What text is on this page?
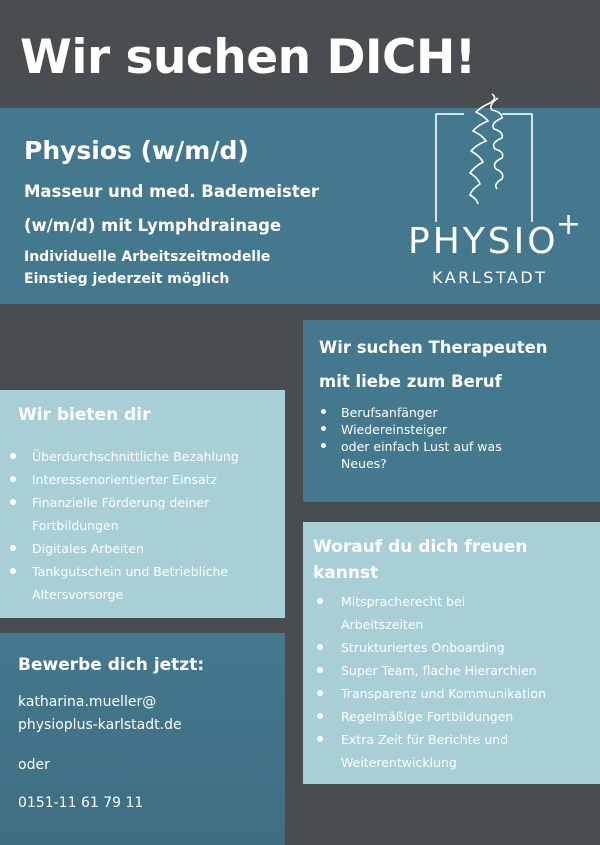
Wir suchen DICH!
Physios (w/m/d)
Masseur und med. Bademeister
(w/m/d) mit Lymphdrainage
Individuelle Arbeitszeitmodelle
Einstieg jederzeit möglich
PHYSIO
+
KARLSTADT
Wir suchen Therapeuten
mit liebe zum Beruf
Berufsanfänger
Wiedereinsteiger
oder einfach Lust auf was
Neues?
Wir bieten dir
Überdurchschnittliche Bezahlung
Interessenorientierter Einsatz
Finanzielle Förderung deiner
Fortbildungen
Digitales Arbeiten
Tankgutschein und Betriebliche
Altersvorsorge
Worauf du dich freuen kannst
Mitspracherecht bei
Arbeitszeiten
Strukturiertes Onboarding
Super Team, flache Hierarchien
Transparenz und Kommunikation
Regelmäßige Fortbildungen
Extra Zeit für Berichte und
Weiterentwicklung
Bewerbe dich jetzt:
katharina.mueller@
physioplus-karlstadt.de
oder
0151-11 61 79 11
